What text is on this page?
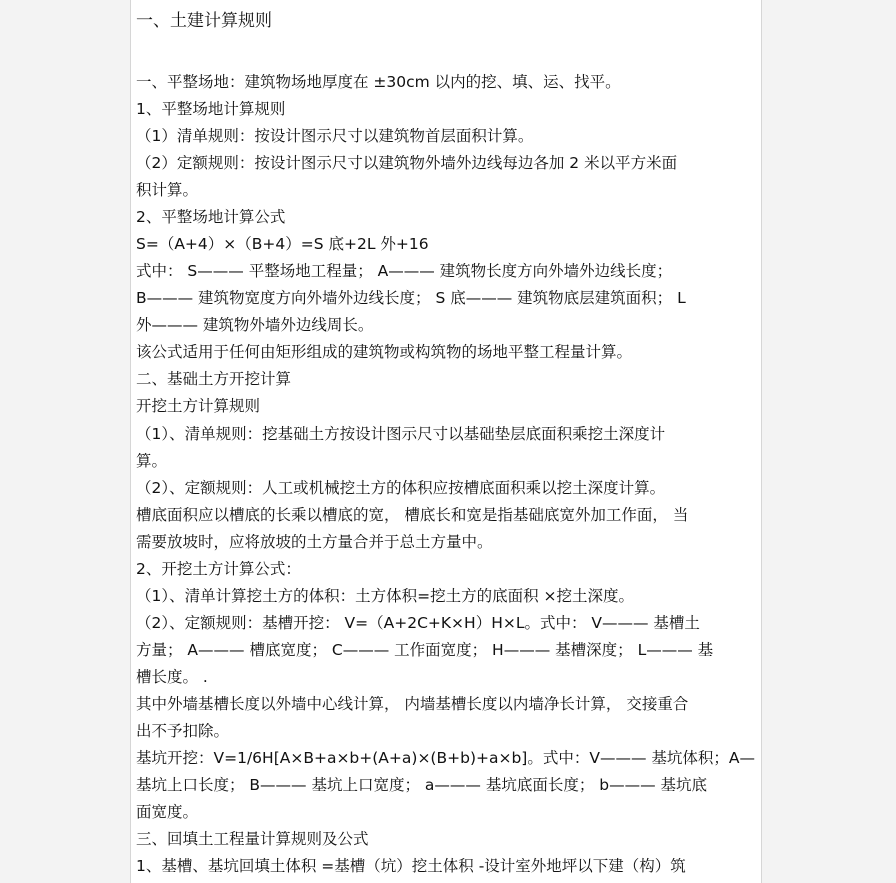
一、土建计算规则
一、平整场地：建筑物场地厚度在 ±30cm 以内的挖、填、运、找平。
1、平整场地计算规则
（1）清单规则：按设计图示尺寸以建筑物首层面积计算。
（2）定额规则：按设计图示尺寸以建筑物外墙外边线每边各加 2 米以平方米面
积计算。
2、平整场地计算公式
S=（A+4）×（B+4）=S 底+2L 外+16
式中： S——— 平整场地工程量； A——— 建筑物长度方向外墙外边线长度；
B——— 建筑物宽度方向外墙外边线长度； S 底——— 建筑物底层建筑面积； L
外——— 建筑物外墙外边线周长。
该公式适用于任何由矩形组成的建筑物或构筑物的场地平整工程量计算。
二、基础土方开挖计算
开挖土方计算规则
（1）、清单规则：挖基础土方按设计图示尺寸以基础垫层底面积乘挖土深度计
算。
（2）、定额规则：人工或机械挖土方的体积应按槽底面积乘以挖土深度计算。
槽底面积应以槽底的长乘以槽底的宽， 槽底长和宽是指基础底宽外加工作面， 当
需要放坡时，应将放坡的土方量合并于总土方量中。
2、开挖土方计算公式：
（1）、清单计算挖土方的体积：土方体积=挖土方的底面积 ×挖土深度。
（2）、定额规则：基槽开挖： V=（A+2C+K×H）H×L。式中： V——— 基槽土
方量； A——— 槽底宽度； C——— 工作面宽度； H——— 基槽深度； L——— 基
槽长度。 .
其中外墙基槽长度以外墙中心线计算， 内墙基槽长度以内墙净长计算， 交接重合
出不予扣除。
基坑开挖：V=1/6H[A×B+a×b+(A+a)×(B+b)+a×b]。式中：V——— 基坑体积；A—
基坑上口长度； B——— 基坑上口宽度； a——— 基坑底面长度； b——— 基坑底
面宽度。
三、回填土工程量计算规则及公式
1、基槽、基坑回填土体积 =基槽（坑）挖土体积 -设计室外地坪以下建（构）筑
